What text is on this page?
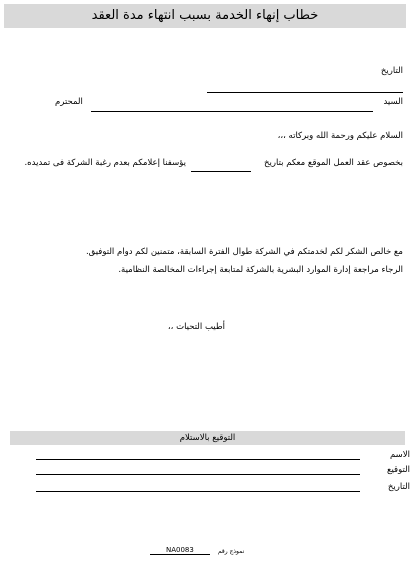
خطاب إنهاء الخدمة بسبب انتهاء مدة العقد
التاريخ
السيد
المحترم
السلام عليكم ورحمة الله وبركاته ،،،
بخصوص عقد العمل الموقع معكم بتاريخ
يؤسفنا إعلامكم بعدم رغبة الشركة فى تمديده.
مع خالص الشكر لكم لخدمتكم في الشركة طوال الفترة السابقة، متمنين لكم دوام التوفيق.
الرجاء مراجعة إدارة الموارد البشرية بالشركة لمتابعة إجراءات المخالصة النظامية.
أطيب التحيات ،،
التوقيع بالاستلام
الاسم
التوقيع
التاريخ
NA0083	نموذج رقم
